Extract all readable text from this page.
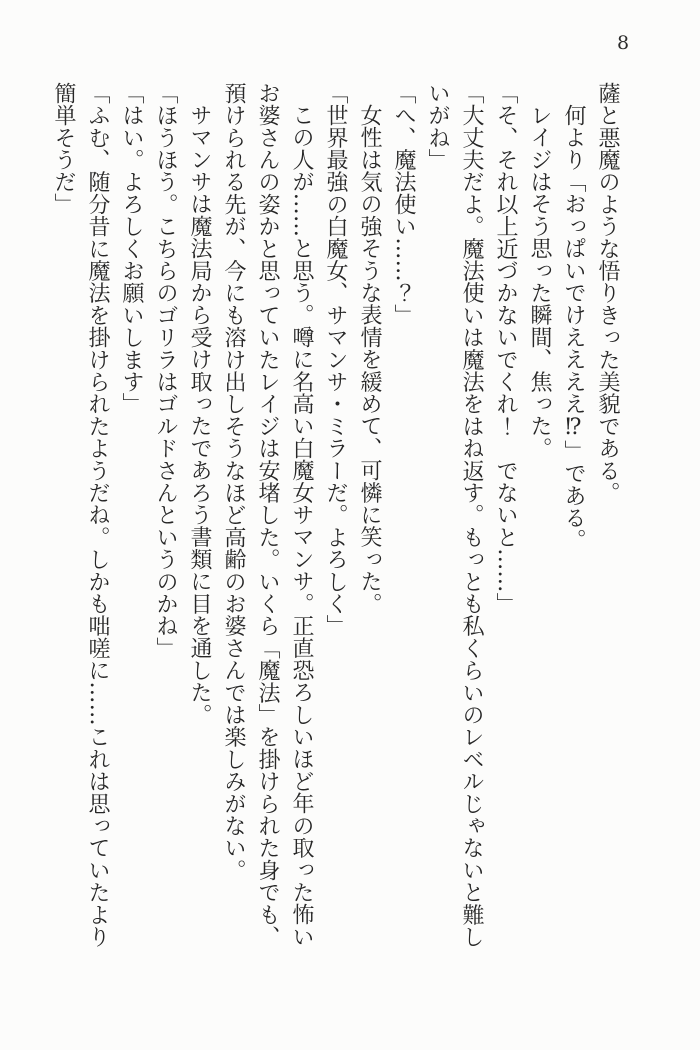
8

薩と悪魔のような悟りきった美貌である。

何より「おっぱいでけええええ⁉」である。

レイジはそう思った瞬間、焦った。

「そ、それ以上近づかないでくれ！　でないと……」

「大丈夫だよ。魔法使いは魔法をはね返す。もっとも私くらいのレベルじゃないと難しいがね」

「へ、魔法使い……？」

女性は気の強そうな表情を緩めて、可憐に笑った。

「世界最強の白魔女、サマンサ・ミラーだ。よろしく」

この人が……と思う。噂に名高い白魔女サマンサ。正直恐ろしいほど年の取った怖いお婆さんの姿かと思っていたレイジは安堵した。いくら「魔法」を掛けられた身でも、預けられる先が、今にも溶け出しそうなほど高齢のお婆さんでは楽しみがない。

サマンサは魔法局から受け取ったであろう書類に目を通した。

「ほうほう。こちらのゴリラはゴルドさんというのかね」

「はい。よろしくお願いします」

「ふむ、随分昔に魔法を掛けられたようだね。しかも咄嗟に……これは思っていたより簡単そうだ」
